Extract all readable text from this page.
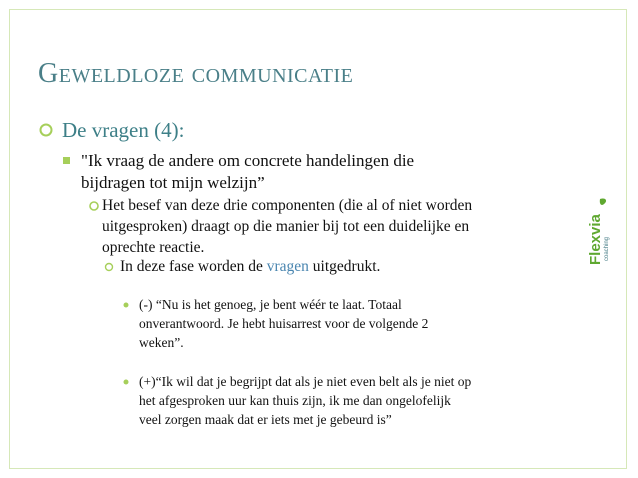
Geweldloze communicatie
De vragen (4):
"Ik vraag de andere om concrete handelingen die
bijdragen tot mijn welzijn”
Het besef van deze drie componenten (die al of niet worden
uitgesproken) draagt op die manier bij tot een duidelijke en
oprechte reactie.
In deze fase worden de vragen uitgedrukt.
(-) “Nu is het genoeg, je bent wéér te laat. Totaal
onverantwoord. Je hebt huisarrest voor de volgende 2
weken”.
(+)“Ik wil dat je begrijpt dat als je niet even belt als je niet op
het afgesproken uur kan thuis zijn, ik me dan ongelofelijk
veel zorgen maak dat er iets met je gebeurd is”
Flexvia coaching
